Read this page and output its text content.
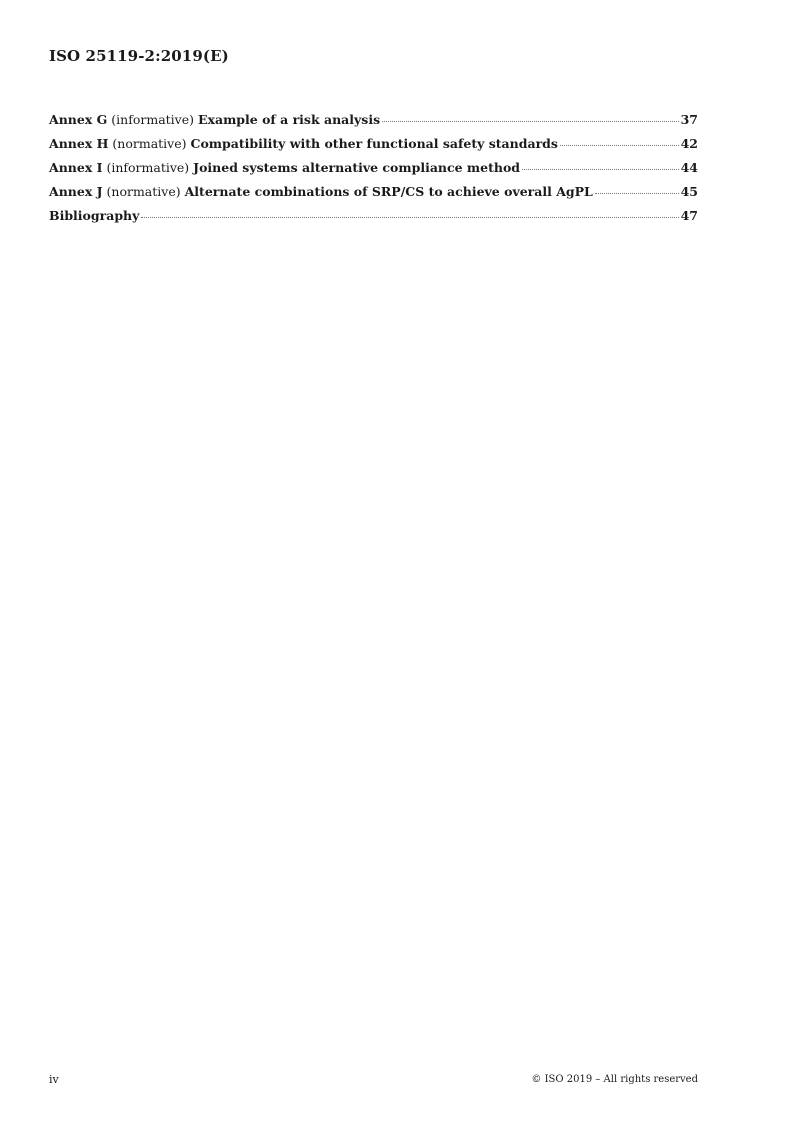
ISO 25119-2:2019(E)
Annex G (informative) Example of a risk analysis	37
Annex H (normative) Compatibility with other functional safety standards	42
Annex I (informative) Joined systems alternative compliance method	44
Annex J (normative) Alternate combinations of SRP/CS to achieve overall AgPL	45
Bibliography	47
iv	© ISO 2019 – All rights reserved
